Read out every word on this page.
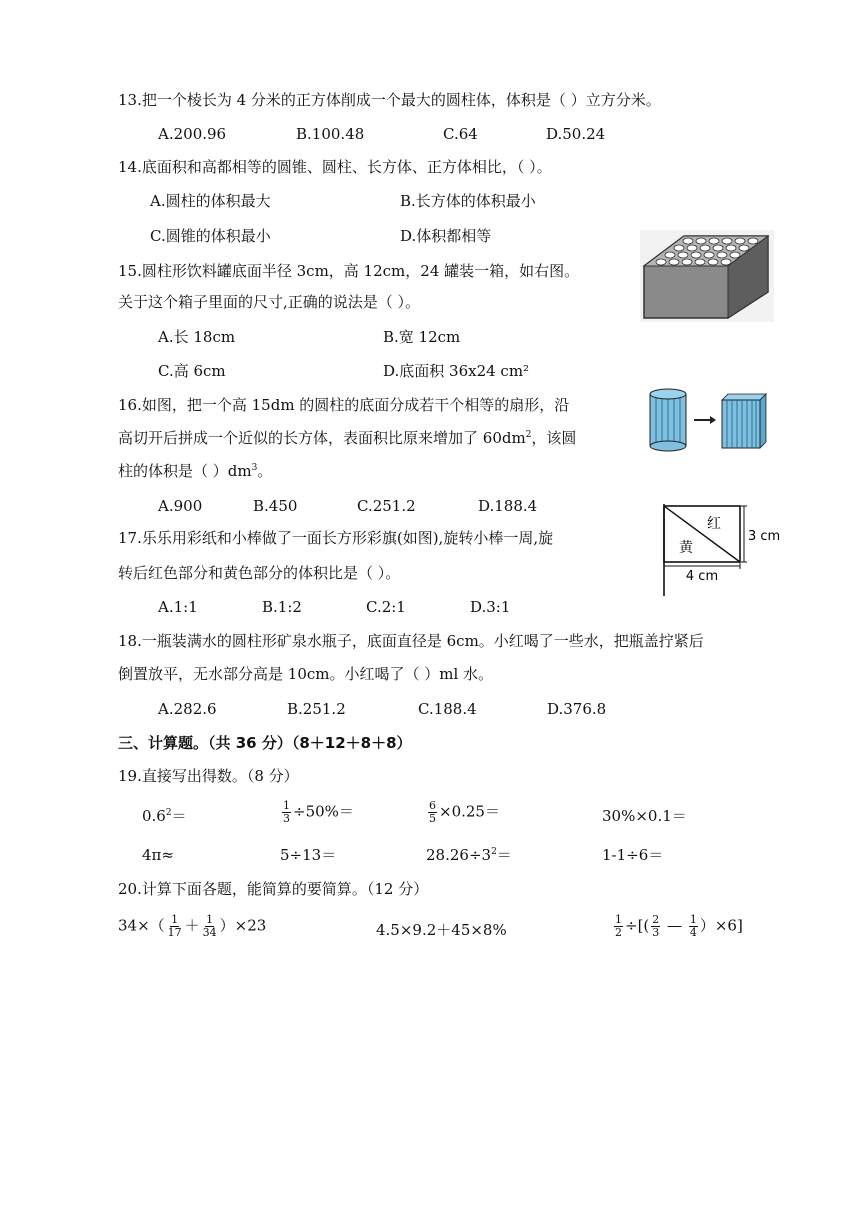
13.把一个棱长为 4 分米的正方体削成一个最大的圆柱体，体积是（ ）立方分米。
A.200.96	B.100.48	C.64	D.50.24
14.底面积和高都相等的圆锥、圆柱、长方体、正方体相比，（ ）。
A.圆柱的体积最大	B.长方体的体积最小
C.圆锥的体积最小	D.体积都相等
15.圆柱形饮料罐底面半径 3cm，高 12cm，24 罐装一箱，如右图。
关于这个箱子里面的尺寸,正确的说法是（ ）。
A.长 18cm	B.宽 12cm
C.高 6cm	D.底面积 36x24 cm²
16.如图，把一个高 15dm 的圆柱的底面分成若干个相等的扇形，沿
高切开后拼成一个近似的长方体，表面积比原来增加了 $60dm^2$，该圆
柱的体积是（ ）$dm^3$。
A.900	B.450	C.251.2	D.188.4
红
黄
3 cm
4 cm
17.乐乐用彩纸和小棒做了一面长方形彩旗(如图),旋转小棒一周,旋
转后红色部分和黄色部分的体积比是（ ）。
A.1:1	B.1:2	C.2:1	D.3:1
18.一瓶装满水的圆柱形矿泉水瓶子，底面直径是 6cm。小红喝了一些水，把瓶盖拧紧后
倒置放平，无水部分高是 10cm。小红喝了（ ）ml 水。
A.282.6	B.251.2	C.188.4	D.376.8
三、计算题。（共 36 分）（8＋12＋8＋8）
19.直接写出得数。（8 分）
$0.6^2=$	$\frac{1}{3} \div 50\%=$	$\frac{6}{5} \times 0.25=$	30%×0.1＝
4π≈	5÷13＝	$28.26\div 3^2=$	1-1÷6＝
20.计算下面各题，能简算的要简算。（12 分）
$34\times( \frac{1}{17} + \frac{1}{34} )\times 23$	4.5×9.2＋45×8%	$\frac{1}{2}$ ÷[( $\frac{2}{3}$ — $\frac{1}{4} )\times 6$]
